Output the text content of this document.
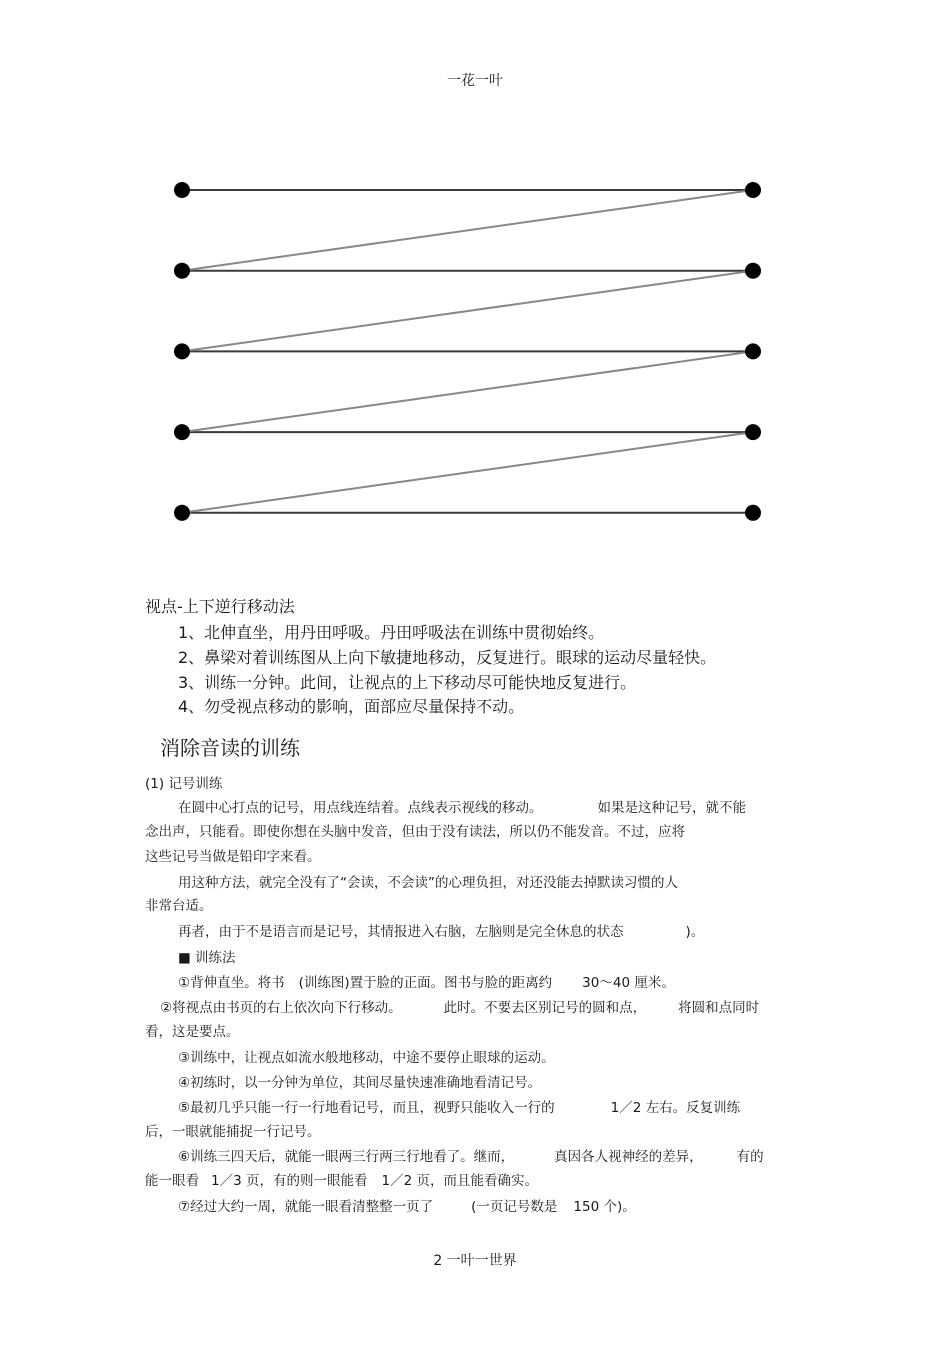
一花一叶
视点-上下逆行移动法
1、北伸直坐，用丹田呼吸。丹田呼吸法在训练中贯彻始终。
2、鼻梁对着训练图从上向下敏捷地移动，反复进行。眼球的运动尽量轻快。
3、训练一分钟。此间，让视点的上下移动尽可能快地反复进行。
4、勿受视点移动的影响，面部应尽量保持不动。
消除音读的训练
(1) 记号训练
在圆中心打点的记号，用点线连结着。点线表示视线的移动。	如果是这种记号，就不能
念出声，只能看。即使你想在头脑中发音，但由于没有读法，所以仍不能发音。不过，应将
这些记号当做是铅印字来看。
用这种方法，就完全没有了“会读，不会读”的心理负担，对还没能去掉默读习惯的人
非常台适。
再者，由于不是语言而是记号，其情报进入右脑，左脑则是完全休息的状态	)。
■ 训练法
①背伸直坐。将书 (训练图)置于脸的正面。图书与脸的距离约 30～40 厘米。
②将视点由书页的右上依次向下行移动。	此时。不要去区别记号的圆和点， 将圆和点同时
看，这是要点。
③训练中，让视点如流水般地移动，中途不要停止眼球的运动。
④初练时，以一分钟为单位，其间尽量快速准确地看清记号。
⑤最初几乎只能一行一行地看记号，而且，视野只能收入一行的	1／2 左右。反复训练
后，一眼就能捕捉一行记号。
⑥训练三四天后，就能一眼两三行两三行地看了。继而，	真因各人视神经的差异，	有的
能一眼看 1／3 页，有的则一眼能看 1／2 页，而且能看确实。
⑦经过大约一周，就能一眼看清整整一页了	(一页记号数是 150 个)。
2 一叶一世界
